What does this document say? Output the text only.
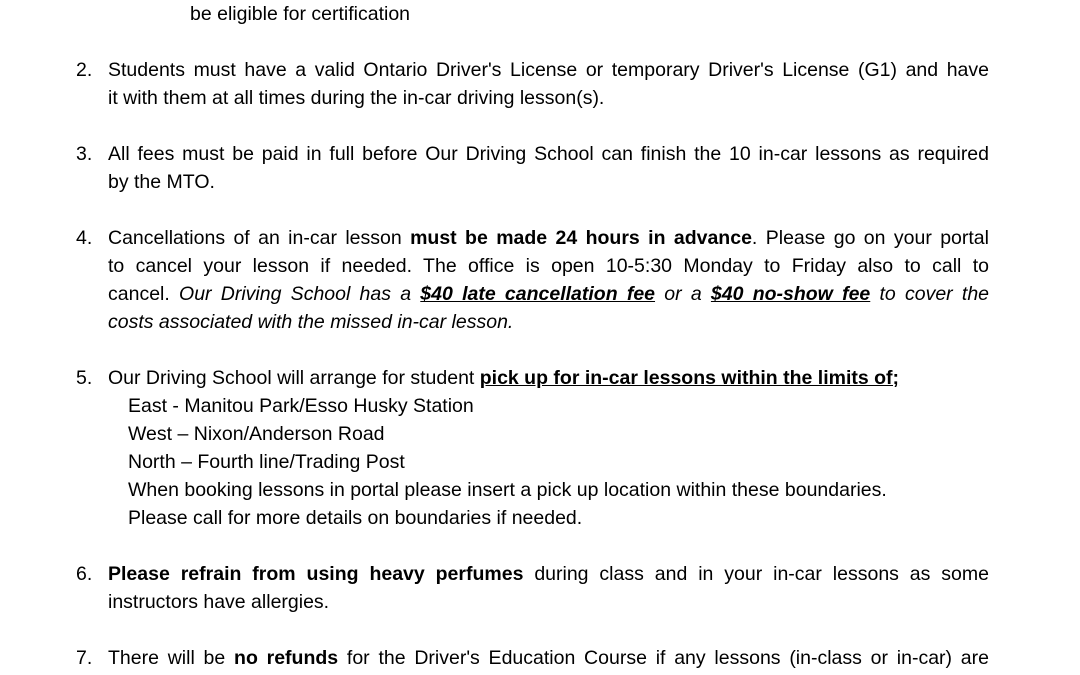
be eligible for certification
2. Students must have a valid Ontario Driver's License or temporary Driver's License (G1) and have
it with them at all times during the in-car driving lesson(s).
3. All fees must be paid in full before Our Driving School can finish the 10 in-car lessons as required
by the MTO.
4. Cancellations of an in-car lesson must be made 24 hours in advance. Please go on your portal
to cancel your lesson if needed. The office is open 10-5:30 Monday to Friday also to call to
cancel. Our Driving School has a $40 late cancellation fee or a $40 no-show fee to cover the
costs associated with the missed in-car lesson.
5. Our Driving School will arrange for student pick up for in-car lessons within the limits of;
East - Manitou Park/Esso Husky Station
West – Nixon/Anderson Road
North – Fourth line/Trading Post
When booking lessons in portal please insert a pick up location within these boundaries.
Please call for more details on boundaries if needed.
6. Please refrain from using heavy perfumes during class and in your in-car lessons as some
instructors have allergies.
7. There will be no refunds for the Driver's Education Course if any lessons (in-class or in-car) are
